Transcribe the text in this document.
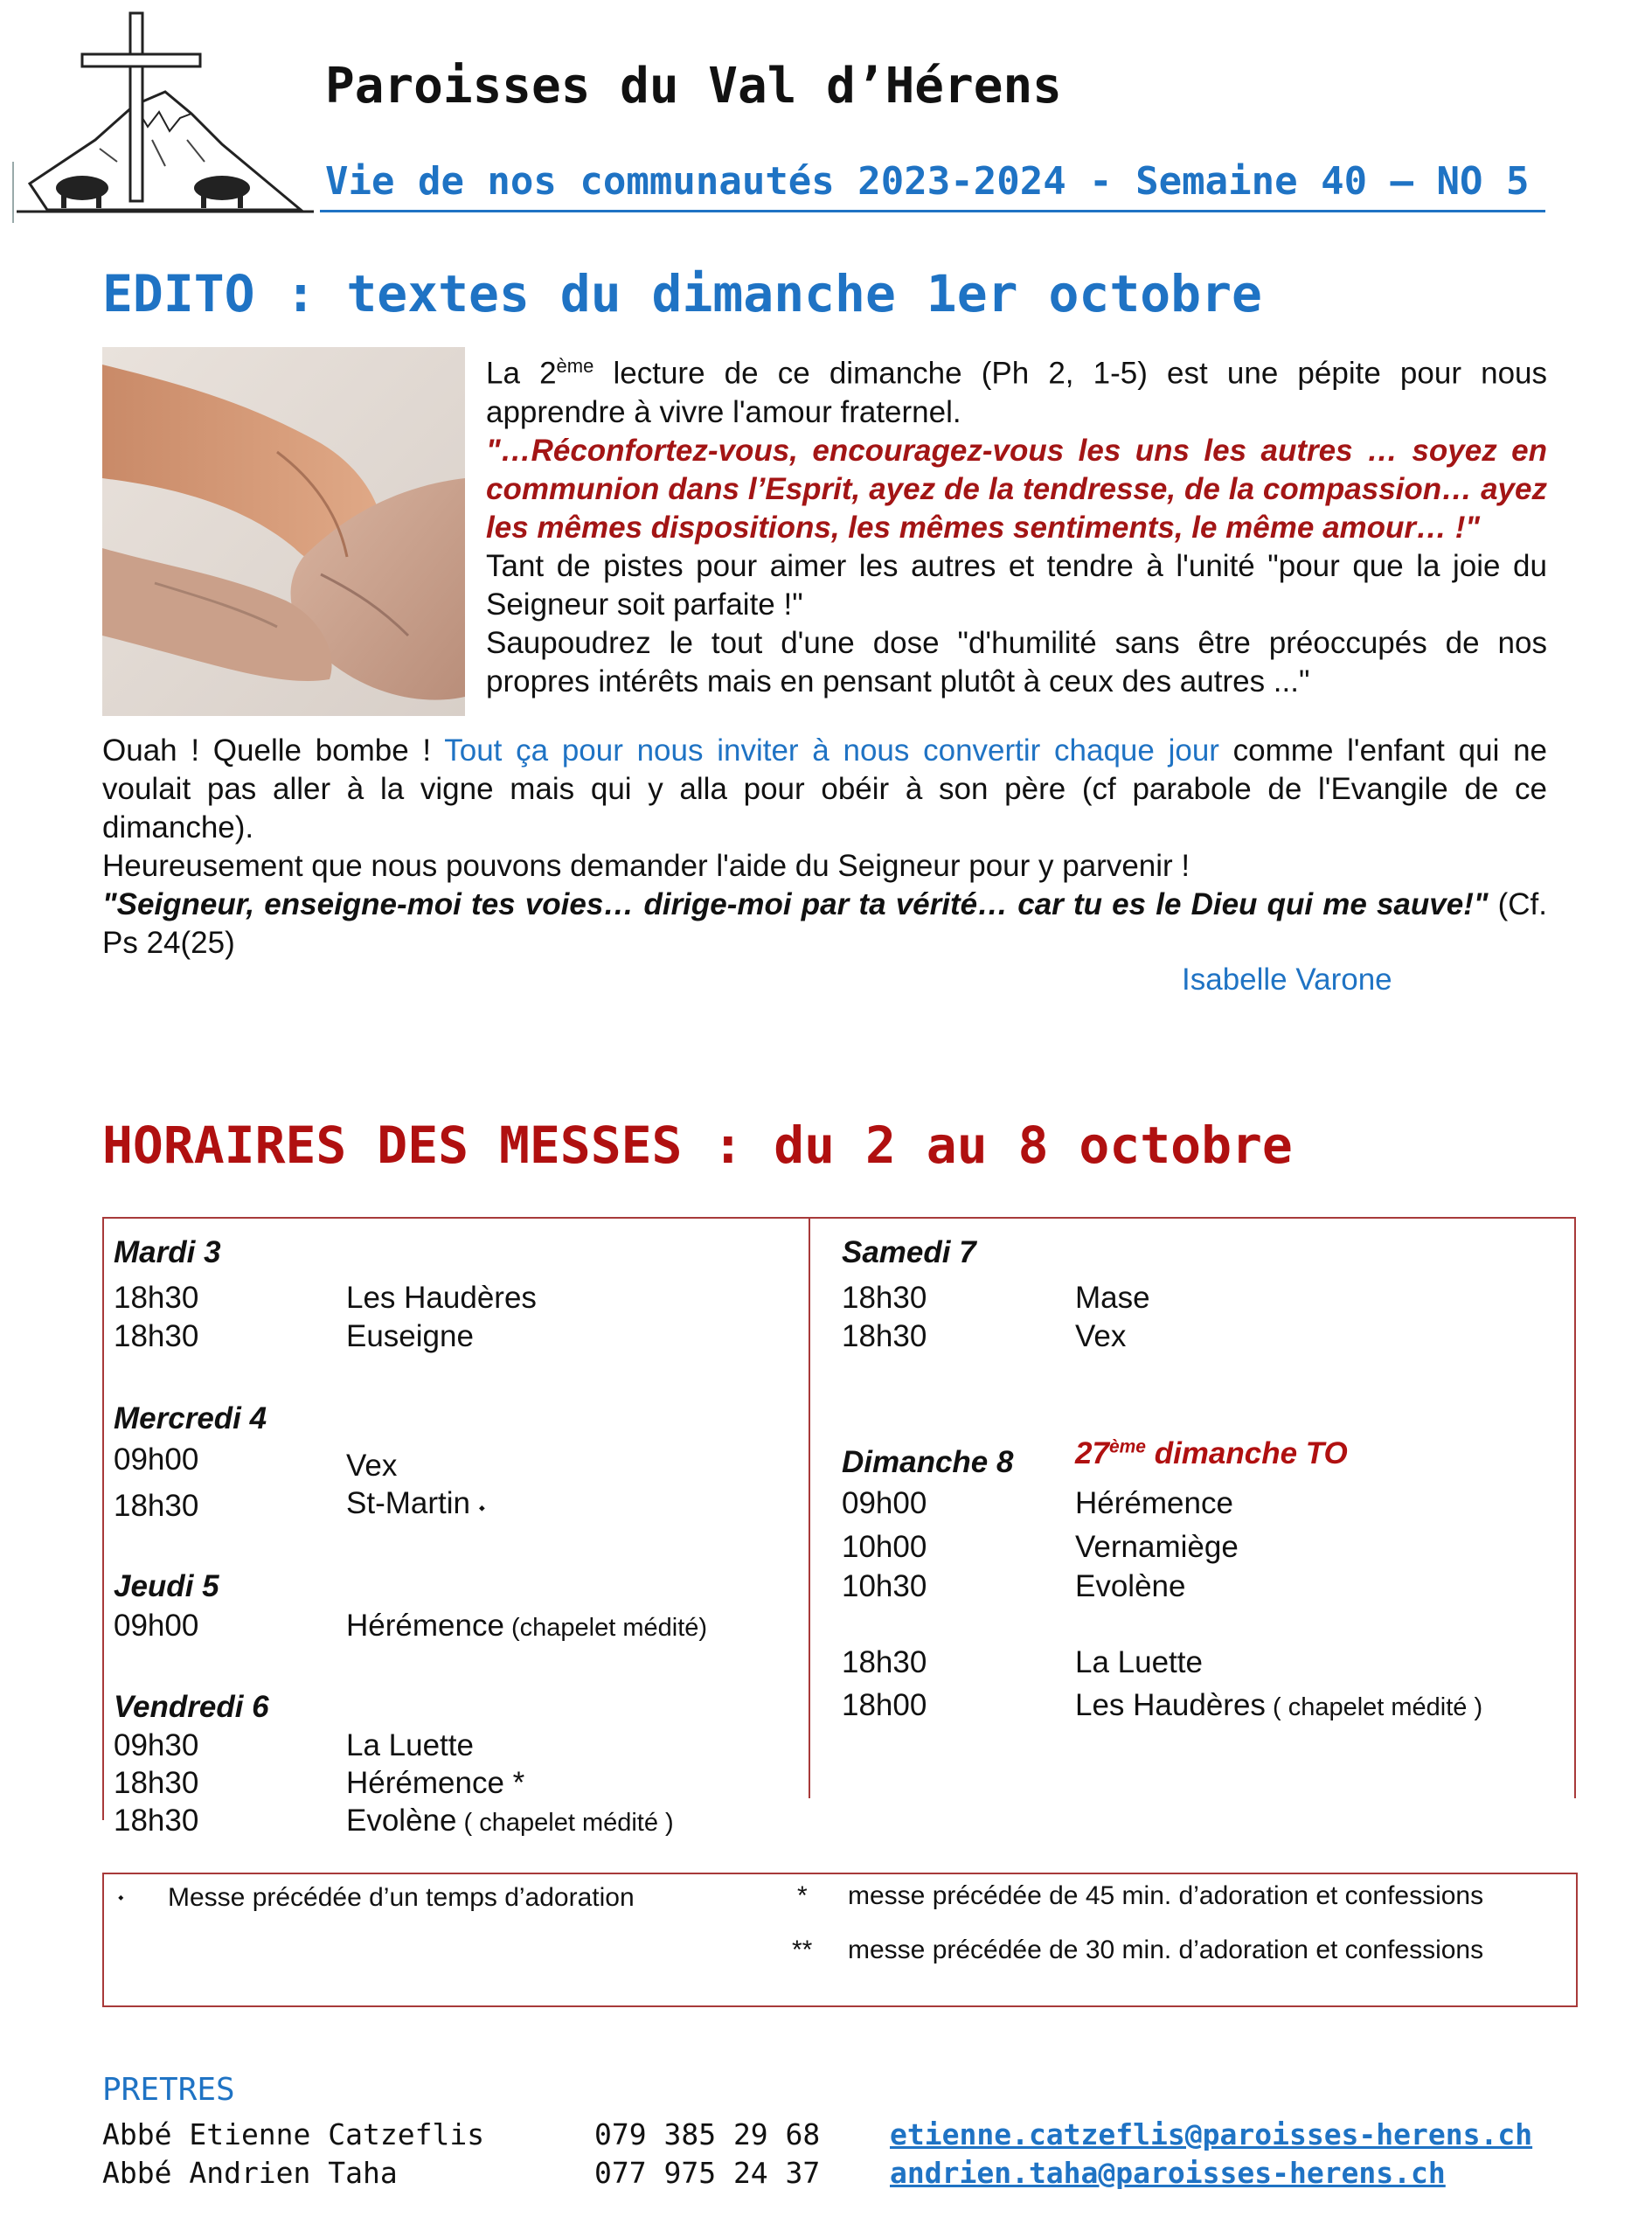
Paroisses du Val d’Hérens
Vie de nos communautés 2023-2024 - Semaine 40 – NO 5
EDITO : textes du dimanche 1er octobre
La 2ème lecture de ce dimanche (Ph 2, 1-5) est une pépite pour nous apprendre à vivre l'amour fraternel.
"…Réconfortez-vous, encouragez-vous les uns les autres … soyez en communion dans l’Esprit, ayez de la tendresse, de la compassion… ayez les mêmes dispositions, les mêmes sentiments, le même amour… !"
Tant de pistes pour aimer les autres et tendre à l'unité "pour que la joie du Seigneur soit parfaite !"
Saupoudrez le tout d'une dose "d'humilité sans être préoccupés de nos propres intérêts mais en pensant plutôt à ceux des autres ..."
Ouah ! Quelle bombe ! Tout ça pour nous inviter à nous convertir chaque jour comme l'enfant qui ne voulait pas aller à la vigne mais qui y alla pour obéir à son père (cf parabole de l'Evangile de ce dimanche).
Heureusement que nous pouvons demander l'aide du Seigneur pour y parvenir !
"Seigneur, enseigne-moi tes voies… dirige-moi par ta vérité… car tu es le Dieu qui me sauve!" (Cf. Ps 24(25)
Isabelle Varone
HORAIRES DES MESSES : du 2 au 8 octobre
Mardi 3
18h30	Les Haudères
18h30	Euseigne
Mercredi 4
09h00	Vex
18h30	St-Martin ⬩
Jeudi 5
09h00	Hérémence (chapelet médité)
Vendredi 6
09h30	La Luette
18h30	Hérémence *
18h30	Evolène ( chapelet médité )
Samedi 7
18h30	Mase
18h30	Vex
Dimanche 8 27ème dimanche TO
09h00	Hérémence
10h00	Vernamiège
10h30	Evolène
18h30	La Luette
18h00	Les Haudères ( chapelet médité )
⬩ Messe précédée d’un temps d’adoration	* messe précédée de 45 min. d’adoration et confessions
** messe précédée de 30 min. d’adoration et confessions
PRETRES
Abbé Etienne Catzeflis	079 385 29 68 etienne.catzeflis@paroisses-herens.ch
Abbé Andrien Taha	077 975 24 37 andrien.taha@paroisses-herens.ch
